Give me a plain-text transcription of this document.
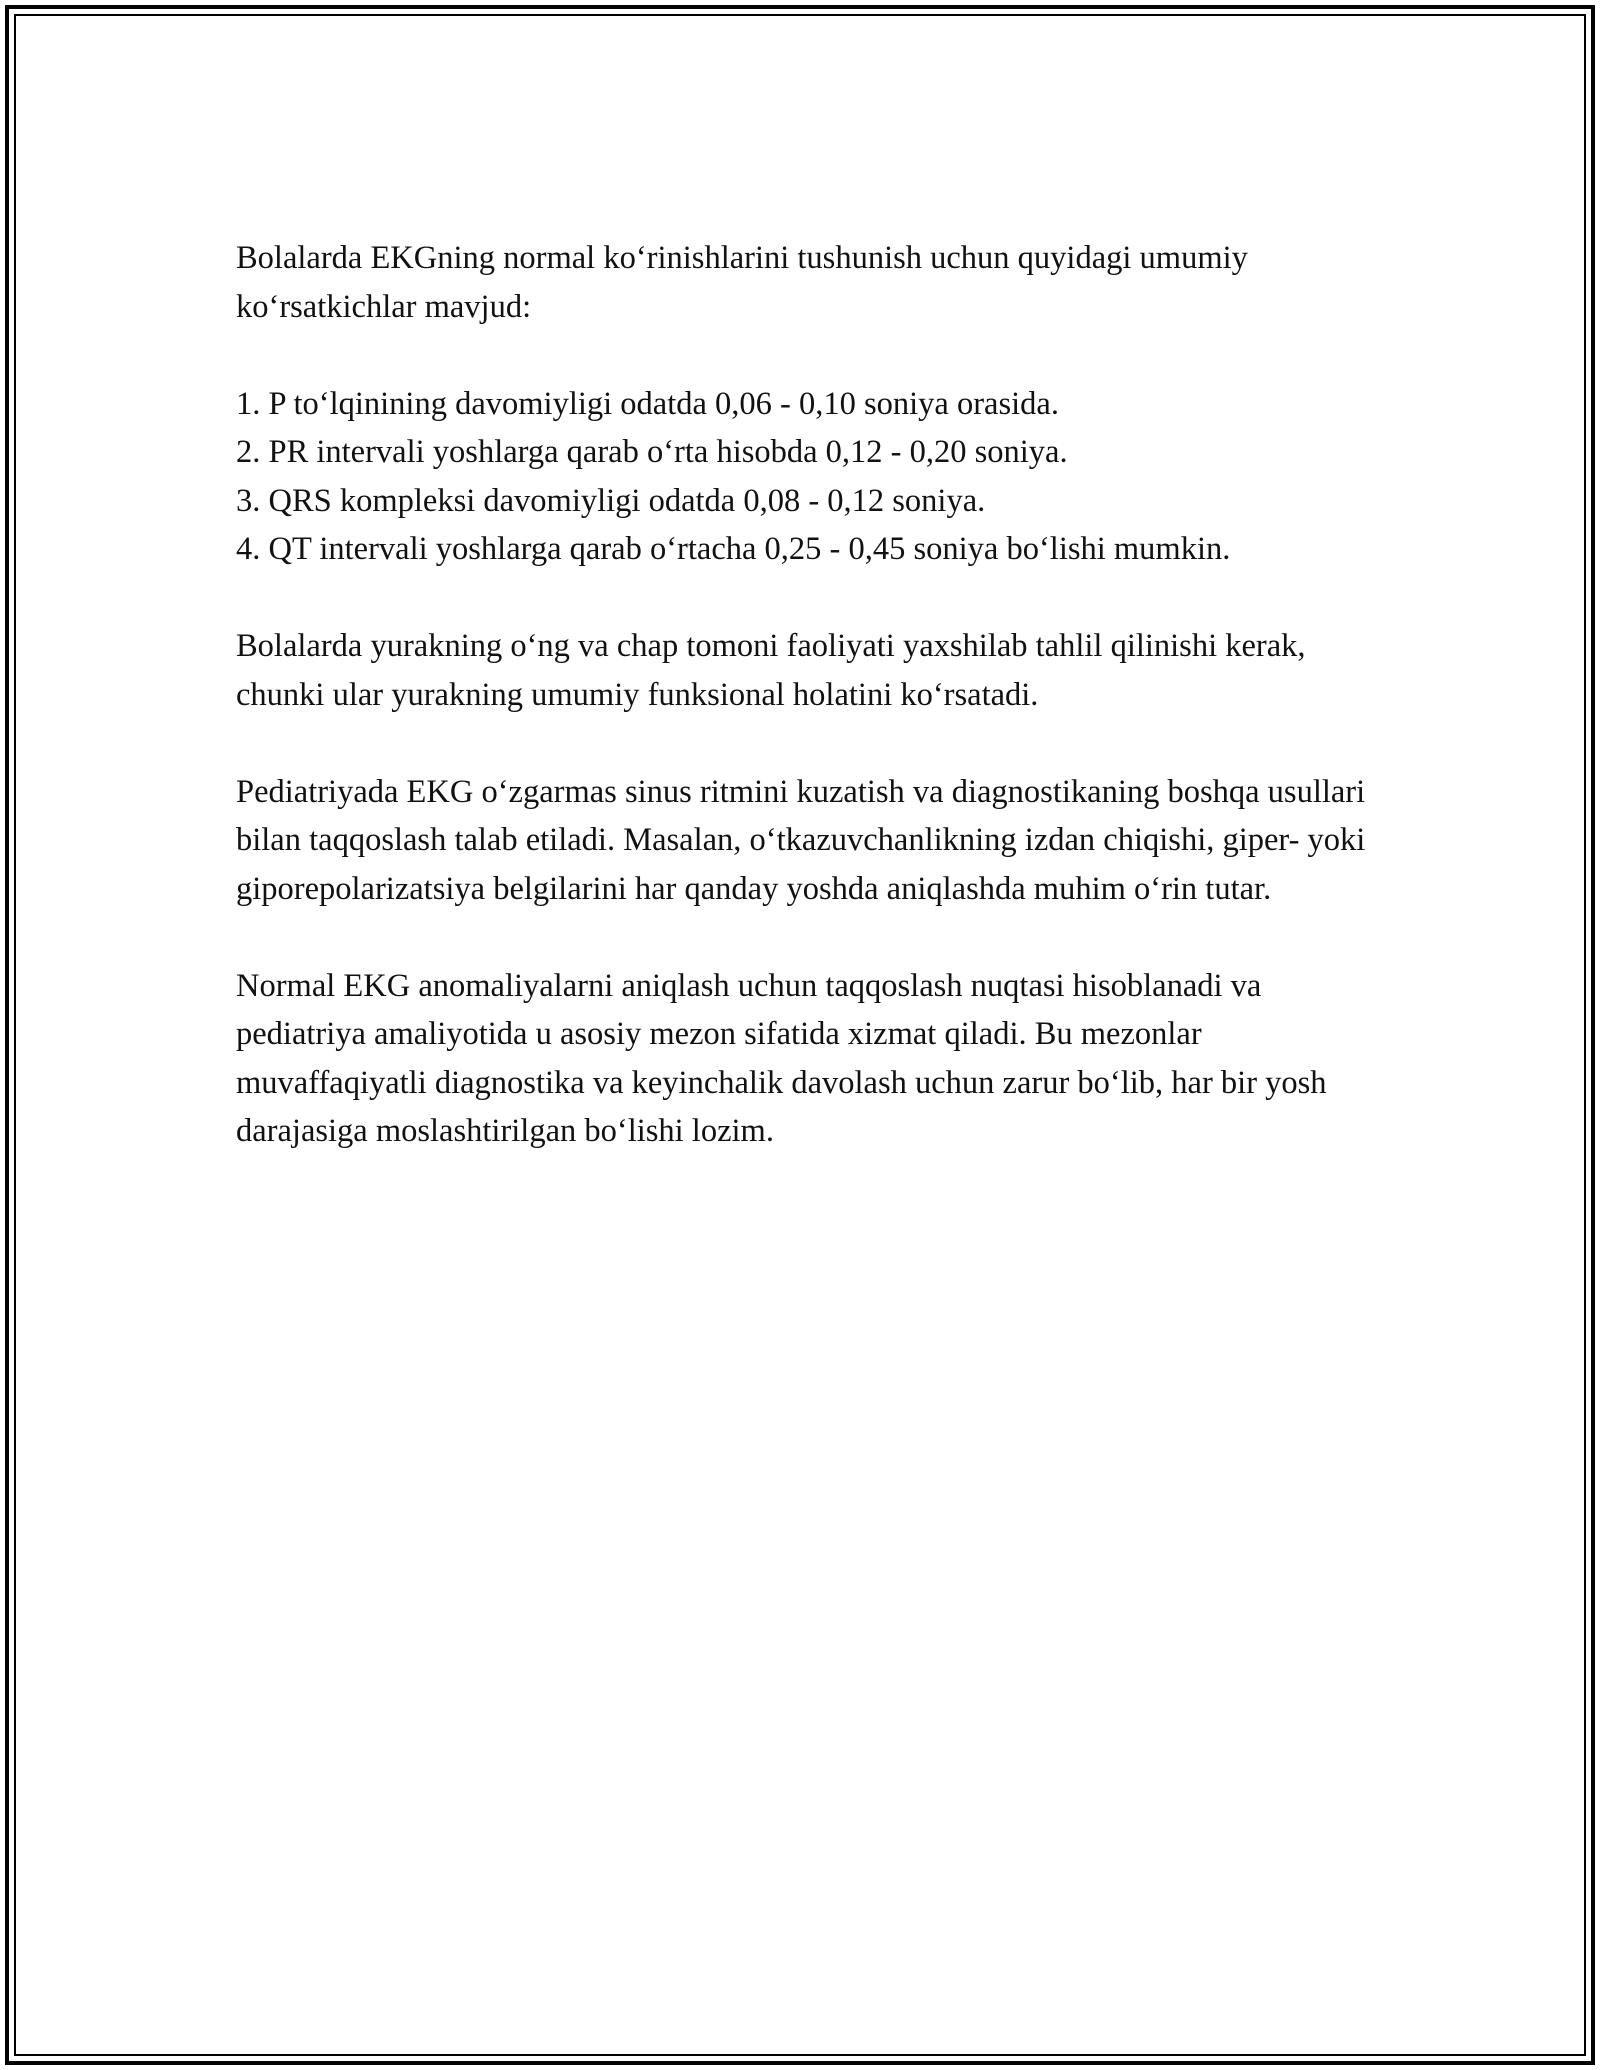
Bolalarda EKGning normal ko‘rinishlarini tushunish uchun quyidagi umumiy ko‘rsatkichlar mavjud:

1. P to‘lqinining davomiyligi odatda 0,06 - 0,10 soniya orasida.
2. PR intervali yoshlarga qarab o‘rta hisobda 0,12 - 0,20 soniya.
3. QRS kompleksi davomiyligi odatda 0,08 - 0,12 soniya.
4. QT intervali yoshlarga qarab o‘rtacha 0,25 - 0,45 soniya bo‘lishi mumkin.

Bolalarda yurakning o‘ng va chap tomoni faoliyati yaxshilab tahlil qilinishi kerak, chunki ular yurakning umumiy funksional holatini ko‘rsatadi.

Pediatriyada EKG o‘zgarmas sinus ritmini kuzatish va diagnostikaning boshqa usullari bilan taqqoslash talab etiladi. Masalan, o‘tkazuvchanlikning izdan chiqishi, giper- yoki giporepolarizatsiya belgilarini har qanday yoshda aniqlashda muhim o‘rin tutar.

Normal EKG anomaliyalarni aniqlash uchun taqqoslash nuqtasi hisoblanadi va pediatriya amaliyotida u asosiy mezon sifatida xizmat qiladi. Bu mezonlar muvaffaqiyatli diagnostika va keyinchalik davolash uchun zarur bo‘lib, har bir yosh darajasiga moslashtirilgan bo‘lishi lozim.
